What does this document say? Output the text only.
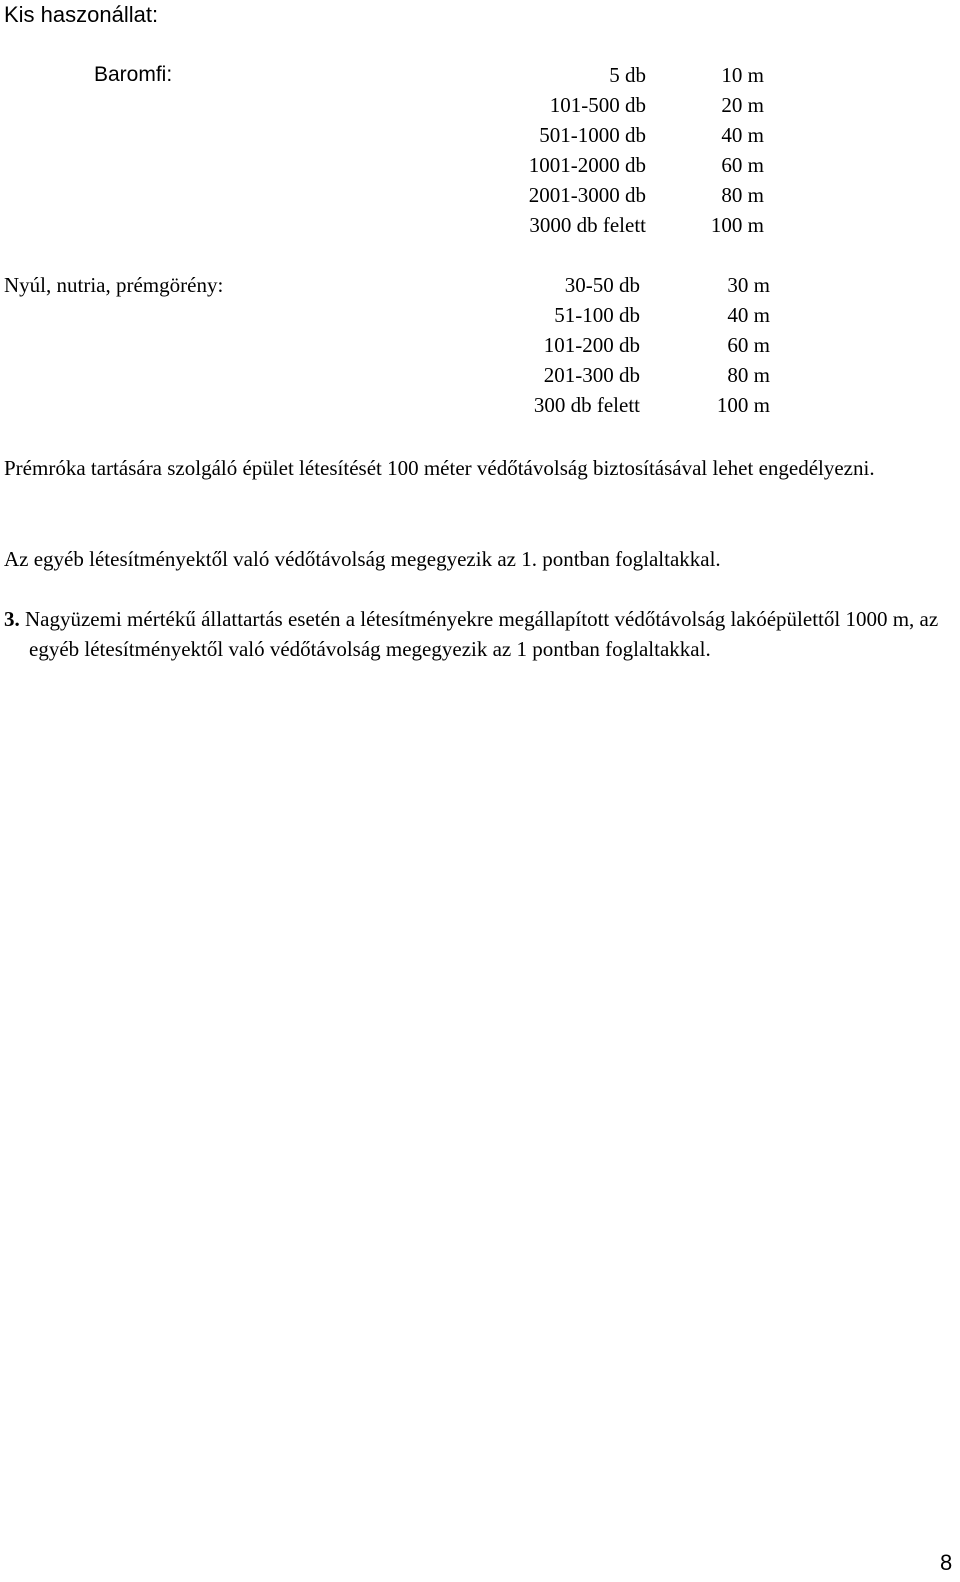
Kis haszonállat:
Baromfi:	5 db	10 m
101-500 db	20 m
501-1000 db	40 m
1001-2000 db	60 m
2001-3000 db	80 m
3000 db felett	100 m
Nyúl, nutria, prémgörény:	30-50 db	30 m
51-100 db	40 m
101-200 db	60 m
201-300 db	80 m
300 db felett	100 m

Prémróka tartására szolgáló épület létesítését 100 méter védőtávolság biztosításával lehet engedélyezni.

Az egyéb létesítményektől való védőtávolság megegyezik az 1. pontban foglaltakkal.

3. Nagyüzemi mértékű állattartás esetén a létesítményekre megállapított védőtávolság lakóépülettől 1000 m, az egyéb létesítményektől való védőtávolság megegyezik az 1 pontban foglaltakkal.

8
